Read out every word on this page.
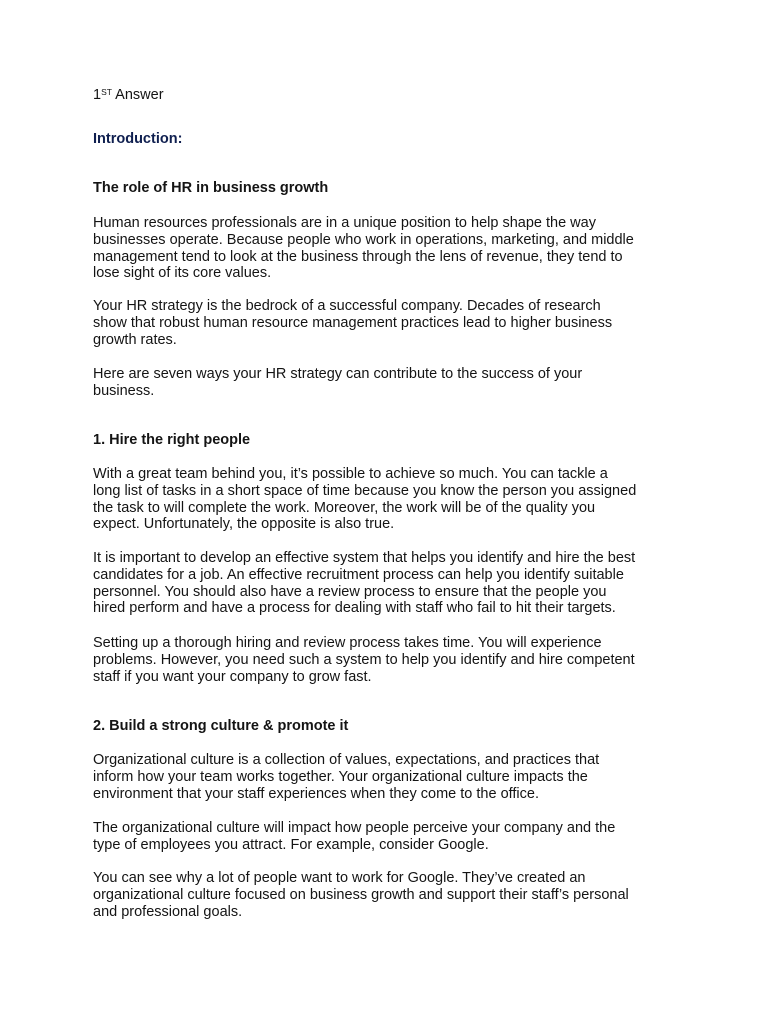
1ST Answer
Introduction:
The role of HR in business growth
Human resources professionals are in a unique position to help shape the way
businesses operate. Because people who work in operations, marketing, and middle
management tend to look at the business through the lens of revenue, they tend to
lose sight of its core values.
Your HR strategy is the bedrock of a successful company. Decades of research
show that robust human resource management practices lead to higher business
growth rates.
Here are seven ways your HR strategy can contribute to the success of your
business.
1. Hire the right people
With a great team behind you, it’s possible to achieve so much. You can tackle a
long list of tasks in a short space of time because you know the person you assigned
the task to will complete the work. Moreover, the work will be of the quality you
expect. Unfortunately, the opposite is also true.
It is important to develop an effective system that helps you identify and hire the best
candidates for a job. An effective recruitment process can help you identify suitable
personnel. You should also have a review process to ensure that the people you
hired perform and have a process for dealing with staff who fail to hit their targets.
Setting up a thorough hiring and review process takes time. You will experience
problems. However, you need such a system to help you identify and hire competent
staff if you want your company to grow fast.
2. Build a strong culture & promote it
Organizational culture is a collection of values, expectations, and practices that
inform how your team works together. Your organizational culture impacts the
environment that your staff experiences when they come to the office.
The organizational culture will impact how people perceive your company and the
type of employees you attract. For example, consider Google.
You can see why a lot of people want to work for Google. They’ve created an
organizational culture focused on business growth and support their staff’s personal
and professional goals.
